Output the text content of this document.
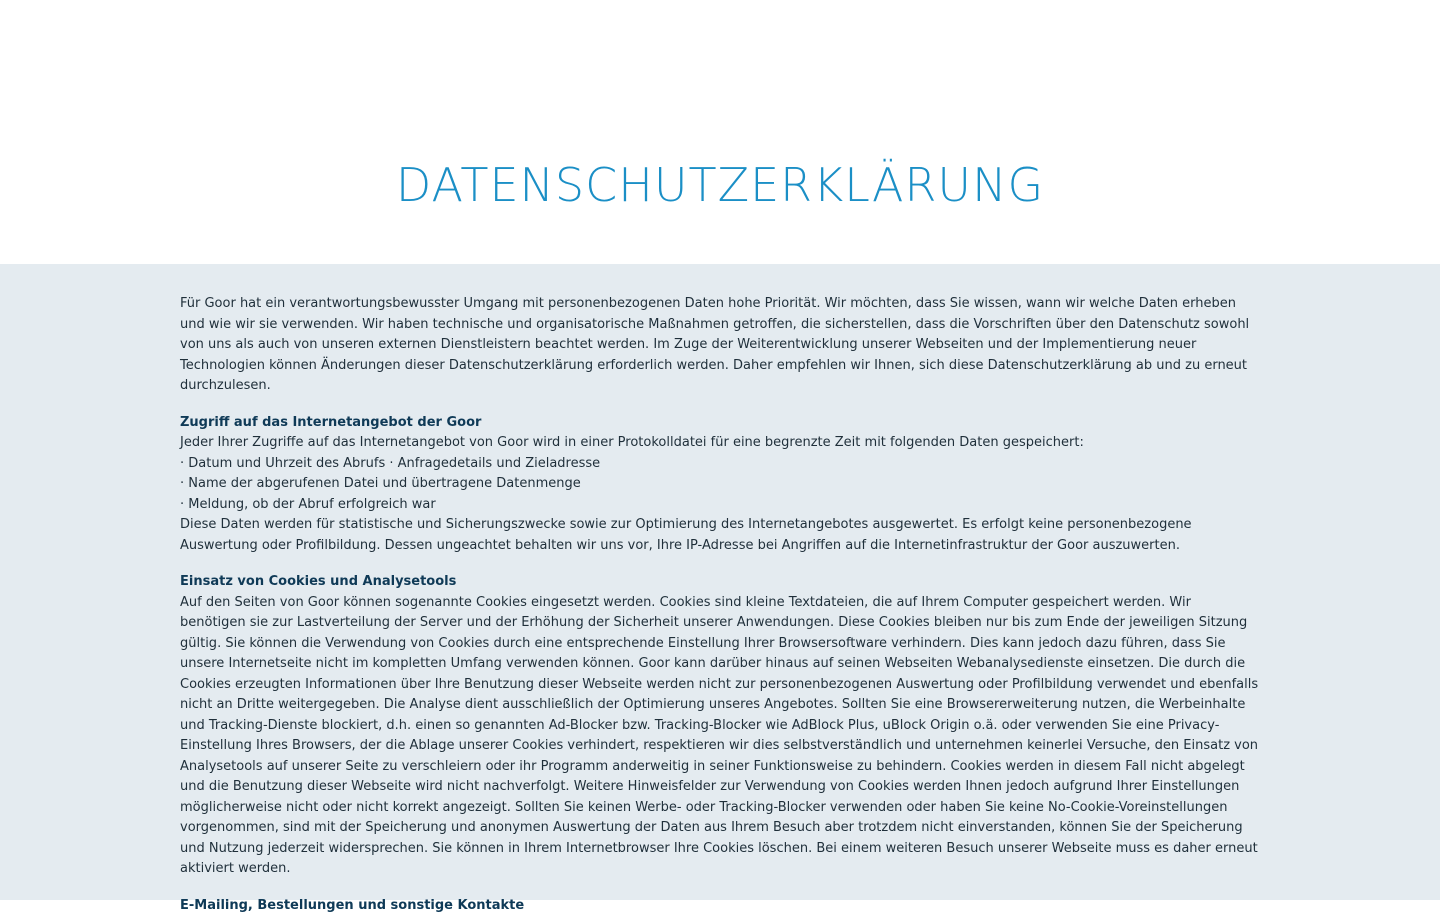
DATENSCHUTZERKLÄRUNG

Für Goor hat ein verantwortungsbewusster Umgang mit personenbezogenen Daten hohe Priorität. Wir möchten, dass Sie wissen, wann wir welche Daten erheben und wie wir sie verwenden. Wir haben technische und organisatorische Maßnahmen getroffen, die sicherstellen, dass die Vorschriften über den Datenschutz sowohl von uns als auch von unseren externen Dienstleistern beachtet werden. Im Zuge der Weiterentwicklung unserer Webseiten und der Implementierung neuer Technologien können Änderungen dieser Datenschutzerklärung erforderlich werden. Daher empfehlen wir Ihnen, sich diese Datenschutzerklärung ab und zu erneut durchzulesen.

Zugriff auf das Internetangebot der Goor
Jeder Ihrer Zugriffe auf das Internetangebot von Goor wird in einer Protokolldatei für eine begrenzte Zeit mit folgenden Daten gespeichert:
· Datum und Uhrzeit des Abrufs · Anfragedetails und Zieladresse
· Name der abgerufenen Datei und übertragene Datenmenge
· Meldung, ob der Abruf erfolgreich war
Diese Daten werden für statistische und Sicherungszwecke sowie zur Optimierung des Internetangebotes ausgewertet. Es erfolgt keine personenbezogene Auswertung oder Profilbildung. Dessen ungeachtet behalten wir uns vor, Ihre IP-Adresse bei Angriffen auf die Internetinfrastruktur der Goor auszuwerten.
Einsatz von Cookies und Analysetools
Auf den Seiten von Goor können sogenannte Cookies eingesetzt werden. Cookies sind kleine Textdateien, die auf Ihrem Computer gespeichert werden. Wir benötigen sie zur Lastverteilung der Server und der Erhöhung der Sicherheit unserer Anwendungen. Diese Cookies bleiben nur bis zum Ende der jeweiligen Sitzung gültig. Sie können die Verwendung von Cookies durch eine entsprechende Einstellung Ihrer Browsersoftware verhindern. Dies kann jedoch dazu führen, dass Sie unsere Internetseite nicht im kompletten Umfang verwenden können. Goor kann darüber hinaus auf seinen Webseiten Webanalysedienste einsetzen. Die durch die Cookies erzeugten Informationen über Ihre Benutzung dieser Webseite werden nicht zur personenbezogenen Auswertung oder Profilbildung verwendet und ebenfalls nicht an Dritte weitergegeben. Die Analyse dient ausschließlich der Optimierung unseres Angebotes. Sollten Sie eine Browsererweiterung nutzen, die Werbeinhalte und Tracking-Dienste blockiert, d.h. einen so genannten Ad-Blocker bzw. Tracking-Blocker wie AdBlock Plus, uBlock Origin o.ä. oder verwenden Sie eine Privacy-Einstellung Ihres Browsers, der die Ablage unserer Cookies verhindert, respektieren wir dies selbstverständlich und unternehmen keinerlei Versuche, den Einsatz von Analysetools auf unserer Seite zu verschleiern oder ihr Programm anderweitig in seiner Funktionsweise zu behindern. Cookies werden in diesem Fall nicht abgelegt und die Benutzung dieser Webseite wird nicht nachverfolgt. Weitere Hinweisfelder zur Verwendung von Cookies werden Ihnen jedoch aufgrund Ihrer Einstellungen möglicherweise nicht oder nicht korrekt angezeigt. Sollten Sie keinen Werbe- oder Tracking-Blocker verwenden oder haben Sie keine No-Cookie-Voreinstellungen vorgenommen, sind mit der Speicherung und anonymen Auswertung der Daten aus Ihrem Besuch aber trotzdem nicht einverstanden, können Sie der Speicherung und Nutzung jederzeit widersprechen. Sie können in Ihrem Internetbrowser Ihre Cookies löschen. Bei einem weiteren Besuch unserer Webseite muss es daher erneut aktiviert werden.
E-Mailing, Bestellungen und sonstige Kontakte
